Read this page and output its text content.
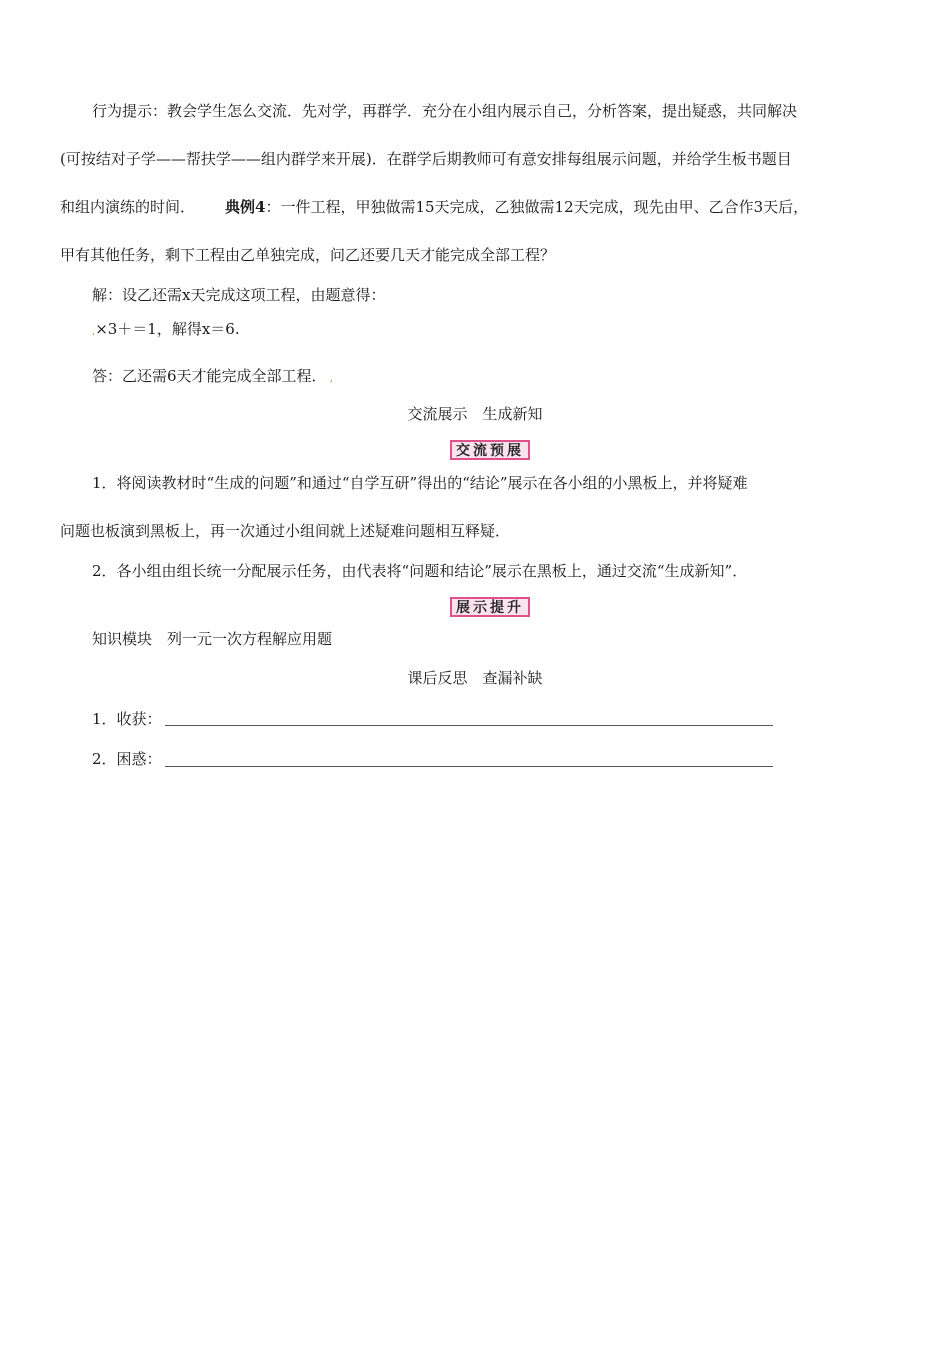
行为提示：教会学生怎么交流．先对学，再群学．充分在小组内展示自己，分析答案，提出疑惑，共同解决
(可按结对子学——帮扶学——组内群学来开展)．在群学后期教师可有意安排每组展示问题，并给学生板书题目
和组内演练的时间． 典例4：一件工程，甲独做需15天完成，乙独做需12天完成，现先由甲、乙合作3天后，
甲有其他任务，剩下工程由乙单独完成，问乙还要几天才能完成全部工程？
解：设乙还需x天完成这项工程，由题意得：
,×3＋＝1，解得x＝6.
答：乙还需6天才能完成全部工程． ,
交流展示　生成新知
交流预展
1．将阅读教材时“生成的问题”和通过“自学互研”得出的“结论”展示在各小组的小黑板上，并将疑难
问题也板演到黑板上，再一次通过小组间就上述疑难问题相互释疑．
2．各小组由组长统一分配展示任务，由代表将“问题和结论”展示在黑板上，通过交流“生成新知”．
展示提升
知识模块　列一元一次方程解应用题
课后反思　查漏补缺
1．收获：
2．困惑：
